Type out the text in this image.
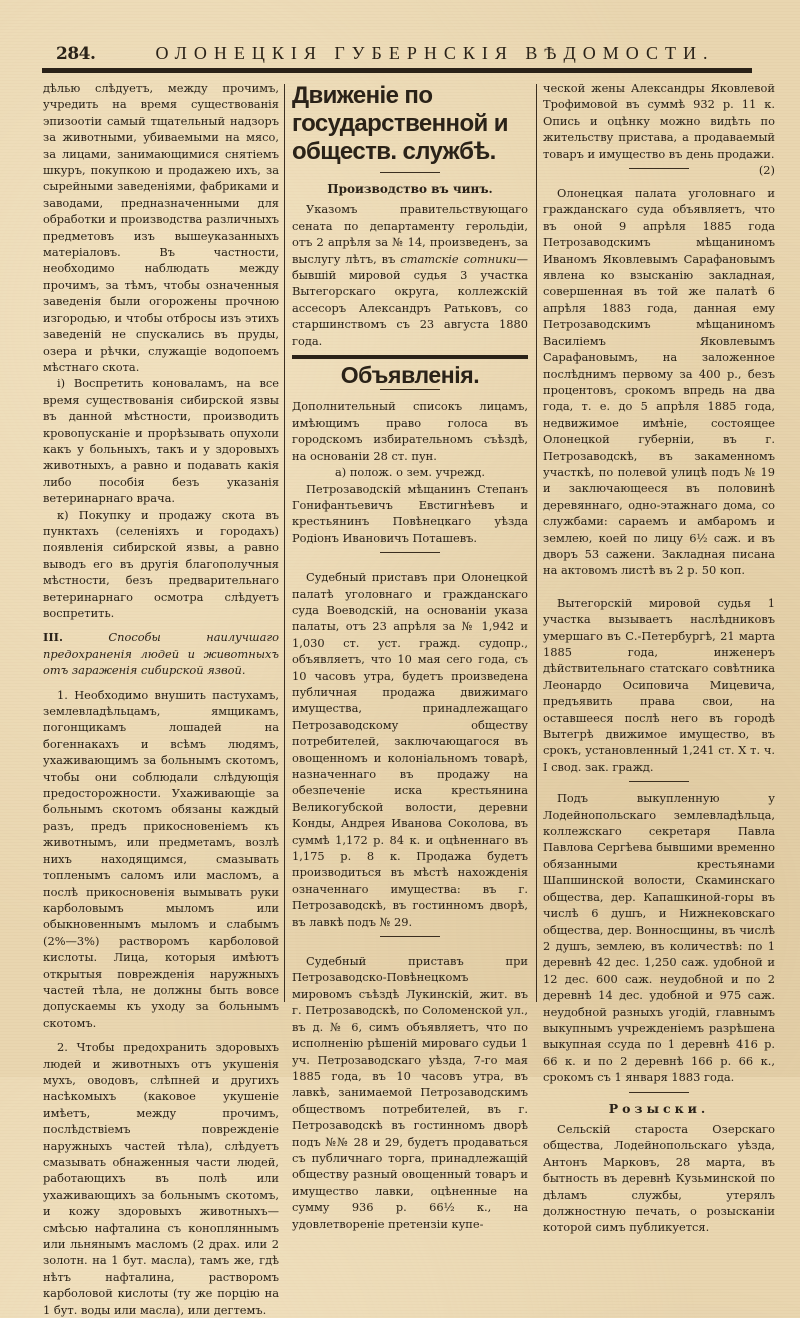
284.	ОЛОНЕЦКІЯ ГУБЕРНСКІЯ ВѢДОМОСТИ.

дѣлью слѣдуетъ, между прочимъ, учредить на время существованія эпизоотіи самый тщательный надзоръ за животными, убиваемыми на мясо, за лицами, занимающимися снятіемъ шкуръ, покупкою и продажею ихъ, за сырейными заведеніями, фабриками и заводами, предназначенными для обработки и производства различныхъ предметовъ изъ вышеуказанныхъ матеріаловъ. Въ частности, необходимо наблюдать между прочимъ, за тѣмъ, чтобы означенныя заведенія были огорожены прочною изгородью, и чтобы отбросы изъ этихъ заведеній не спускались въ пруды, озера и рѣчки, служащіе водопоемъ мѣстнаго скота.

і) Воспретить коноваламъ, на все время существованія сибирской язвы въ данной мѣстности, производить кровопусканіе и прорѣзывать опухоли какъ у больныхъ, такъ и у здоровыхъ животныхъ, а равно и подавать какія либо пособія безъ указанія ветеринарнаго врача.

к) Покупку и продажу скота въ пунктахъ (селеніяхъ и городахъ) появленія сибирской язвы, а равно выводъ его въ другія благополучныя мѣстности, безъ предварительнаго ветеринарнаго осмотра слѣдуетъ воспретить.

III.	Способы наилучшаго предохраненія людей и животныхъ отъ зараженія сибирской язвой.

1. Необходимо внушить пастухамъ, землевладѣльцамъ, ямщикамъ, погонщикамъ лошадей на богеннакахъ и всѣмъ людямъ, ухаживающимъ за больнымъ скотомъ, чтобы они соблюдали слѣдующія предосторожности. Ухаживающіе за больнымъ скотомъ обязаны каждый разъ, предъ прикосновеніемъ къ животнымъ, или предметамъ, возлѣ нихъ находящимся, смазывать топленымъ саломъ или масломъ, а послѣ прикосновенія вымывать руки карболовымъ мыломъ или обыкновеннымъ мыломъ и слабымъ (2%—3%) растворомъ карболовой кислоты. Лица, которыя имѣютъ открытыя поврежденія наружныхъ частей тѣла, не должны быть вовсе допускаемы къ уходу за больнымъ скотомъ.

2. Чтобы предохранить здоровыхъ людей и животныхъ отъ укушенія мухъ, оводовъ, слѣпней и другихъ насѣкомыхъ (каковое укушеніе имѣетъ, между прочимъ, послѣдствіемъ поврежденіе наружныхъ частей тѣла), слѣдуетъ смазывать обнаженныя части людей, работающихъ въ полѣ или ухаживающихъ за больнымъ скотомъ, и кожу здоровыхъ животныхъ—смѣсью нафталина съ конопляннымъ или льнянымъ масломъ (2 драх. или 2 золотн. на 1 бут. масла), тамъ же, гдѣ нѣтъ нафталина, растворомъ карболовой кислоты (ту же порцію на 1 бут. воды или масла), или дегтемъ.

Движеніе по государственной и обществ. службѣ.
Производство въ чинъ.

Указомъ правительствующаго сената по департаменту герольдіи, отъ 2 апрѣля за № 14, произведенъ, за выслугу лѣтъ, въ статскіе сотники—бывшій мировой судья 3 участка Вытегорскаго округа, коллежскій ассесоръ Александръ Ратьковъ, со старшинствомъ съ 23 августа 1880 года.

Объявленія.

Дополнительный списокъ лицамъ, имѣющимъ право голоса въ городскомъ избирательномъ съѣздѣ, на основаніи 28 ст. пун.

а) полож. о зем. учрежд.

Петрозаводскій мѣщанинъ Степанъ Гонифантьевичъ Евстигнѣевъ и крестьянинъ Повѣнецкаго уѣзда Родіонъ Ивановичъ Поташевъ.

Судебный приставъ при Олонецкой палатѣ уголовнаго и гражданскаго суда Воеводскій, на основаніи указа палаты, отъ 23 апрѣля за № 1,942 и 1,030 ст. уст. гражд. судопр., объявляетъ, что 10 мая сего года, съ 10 часовъ утра, будетъ произведена публичная продажа движимаго имущества, принадлежащаго Петрозаводскому обществу потребителей, заключающагося въ овощенномъ и колоніальномъ товарѣ, назначеннаго въ продажу на обезпеченіе иска крестьянина Великогубской волости, деревни Конды, Андрея Иванова Соколова, въ суммѣ 1,172 р. 84 к. и оцѣненнаго въ 1,175 р. 8 к. Продажа будетъ производиться въ мѣстѣ нахожденія означеннаго имущества: въ г. Петрозаводскѣ, въ гостинномъ дворѣ, въ лавкѣ подъ № 29.

Судебный приставъ при Петрозаводско-Повѣнецкомъ мировомъ съѣздѣ Лукинскій, жит. въ г. Петрозаводскѣ, по Соломенской ул., въ д. № 6, симъ объявляетъ, что по исполненію рѣшеній мироваго судьи 1 уч. Петрозаводскаго уѣзда, 7-го мая 1885 года, въ 10 часовъ утра, въ лавкѣ, занимаемой Петрозаводскимъ обществомъ потребителей, въ г. Петрозаводскѣ въ гостинномъ дворѣ подъ №№ 28 и 29, будетъ продаваться съ публичнаго торга, принадлежащій обществу разный овощенный товаръ и имущество лавки, оцѣненные на сумму 936 р. 66½ к., на удовлетвореніе претензіи купе-

ческой жены Александры Яковлевой Трофимовой въ суммѣ 932 р. 11 к. Опись и оцѣнку можно видѣть по жительству пристава, а продаваемый товаръ и имущество въ день продажи.
(2)

Олонецкая палата уголовнаго и гражданскаго суда объявляетъ, что въ оной 9 апрѣля 1885 года Петрозаводскимъ мѣщаниномъ Иваномъ Яковлевымъ Сарафановымъ явлена ко взысканію закладная, совершенная въ той же палатѣ 6 апрѣля 1883 года, данная ему Петрозаводскимъ мѣщаниномъ Василіемъ Яковлевымъ Сарафановымъ, на заложенное послѣднимъ первому за 400 р., безъ процентовъ, срокомъ впредь на два года, т. е. до 5 апрѣля 1885 года, недвижимое имѣніе, состоящее Олонецкой губерніи, въ г. Петрозаводскѣ, въ закаменномъ участкѣ, по полевой улицѣ подъ № 19 и заключающееся въ половинѣ деревяннаго, одно-этажнаго дома, со службами: сараемъ и амбаромъ и землею, коей по лицу 6½ саж. и въ дворъ 53 сажени. Закладная писана на актовомъ листѣ въ 2 р. 50 коп.

Вытегорскій мировой судья 1 участка вызываетъ наслѣдниковъ умершаго въ С.-Петербургѣ, 21 марта 1885 года, инженеръ дѣйствительнаго статскаго совѣтника Леонардо Осиповича Мицевича, предъявить права свои, на оставшееся послѣ него въ городѣ Вытегрѣ движимое имущество, въ срокъ, установленный 1,241 ст. X т. ч. I свод. зак. гражд.

Подъ выкупленную у Лодейнопольскаго землевладѣльца, коллежскаго секретаря Павла Павлова Сергѣева бывшими временно обязанными крестьянами Шапшинской волости, Скаминскаго общества, дер. Капашкиной-горы въ числѣ 6 душъ, и Нижнековскаго общества, дер. Вонносщины, въ числѣ 2 душъ, землею, въ количествѣ: по 1 деревнѣ 42 дес. 1,250 саж. удобной и 12 дес. 600 саж. неудобной и по 2 деревнѣ 14 дес. удобной и 975 саж. неудобной разныхъ угодій, главнымъ выкупнымъ учрежденіемъ разрѣшена выкупная ссуда по 1 деревнѣ 416 р. 66 к. и по 2 деревнѣ 166 р. 66 к., срокомъ съ 1 января 1883 года.

Розыски.

Сельскій староста Озерскаго общества, Лодейнопольскаго уѣзда, Антонъ Марковъ, 28 марта, въ бытность въ деревнѣ Кузьминской по дѣламъ службы, утерялъ должностную печать, о розысканіи которой симъ публикуется.
